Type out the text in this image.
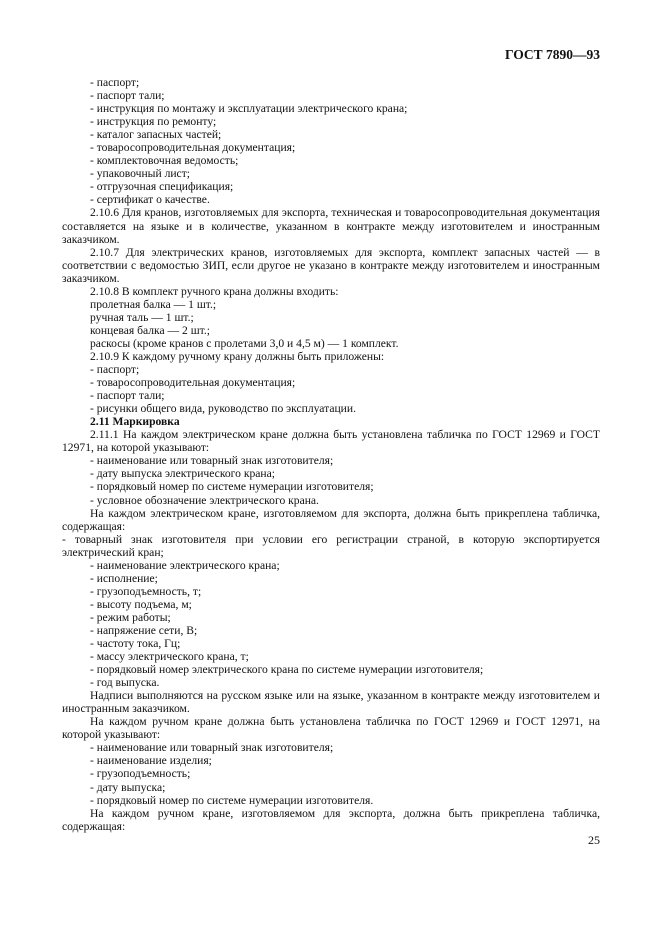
ГОСТ 7890—93

- паспорт;

- паспорт тали;

- инструкция по монтажу и эксплуатации электрического крана;

- инструкция по ремонту;

- каталог запасных частей;

- товаросопроводительная документация;

- комплектовочная ведомость;

- упаковочный лист;

- отгрузочная спецификация;

- сертификат о качестве.

2.10.6 Для кранов, изготовляемых для экспорта, техническая и товаросопроводительная документация составляется на языке и в количестве, указанном в контракте между изготовителем и иностранным заказчиком.

2.10.7 Для электрических кранов, изготовляемых для экспорта, комплект запасных частей — в соответствии с ведомостью ЗИП, если другое не указано в контракте между изготовителем и иностранным заказчиком.

2.10.8 В комплект ручного крана должны входить:

пролетная балка — 1 шт.;

ручная таль — 1 шт.;

концевая балка — 2 шт.;

раскосы (кроме кранов с пролетами 3,0 и 4,5 м) — 1 комплект.

2.10.9 К каждому ручному крану должны быть приложены:

- паспорт;

- товаросопроводительная документация;

- паспорт тали;

- рисунки общего вида, руководство по эксплуатации.

2.11 Маркировка

2.11.1 На каждом электрическом кране должна быть установлена табличка по ГОСТ 12969 и ГОСТ 12971, на которой указывают:

- наименование или товарный знак изготовителя;

- дату выпуска электрического крана;

- порядковый номер по системе нумерации изготовителя;

- условное обозначение электрического крана.

На каждом электрическом кране, изготовляемом для экспорта, должна быть прикреплена табличка, содержащая:

- товарный знак изготовителя при условии его регистрации страной, в которую экспортируется электрический кран;

- наименование электрического крана;

- исполнение;

- грузоподъемность, т;

- высоту подъема, м;

- режим работы;

- напряжение сети, В;

- частоту тока, Гц;

- массу электрического крана, т;

- порядковый номер электрического крана по системе нумерации изготовителя;

- год выпуска.

Надписи выполняются на русском языке или на языке, указанном в контракте между изготовителем и иностранным заказчиком.

На каждом ручном кране должна быть установлена табличка по ГОСТ 12969 и ГОСТ 12971, на которой указывают:

- наименование или товарный знак изготовителя;

- наименование изделия;

- грузоподъемность;

- дату выпуска;

- порядковый номер по системе нумерации изготовителя.

На каждом ручном кране, изготовляемом для экспорта, должна быть прикреплена табличка, содержащая:

25
